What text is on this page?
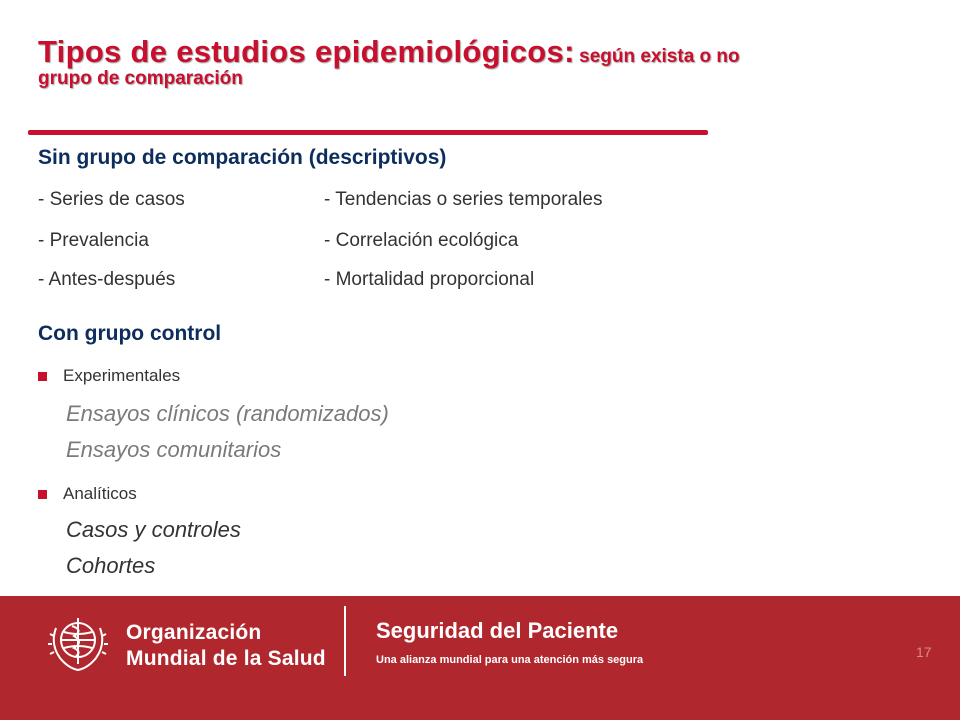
Tipos de estudios epidemiológicos: según exista o no
grupo de comparación
Sin grupo de comparación (descriptivos)
- Series de casos
- Prevalencia
- Antes-después
- Tendencias o series temporales
- Correlación ecológica
- Mortalidad proporcional
Con grupo control
Experimentales
Ensayos clínicos (randomizados)
Ensayos comunitarios
Analíticos
Casos y controles
Cohortes
Organización
Mundial de la Salud
Seguridad del Paciente
Una alianza mundial para una atención más segura	17
